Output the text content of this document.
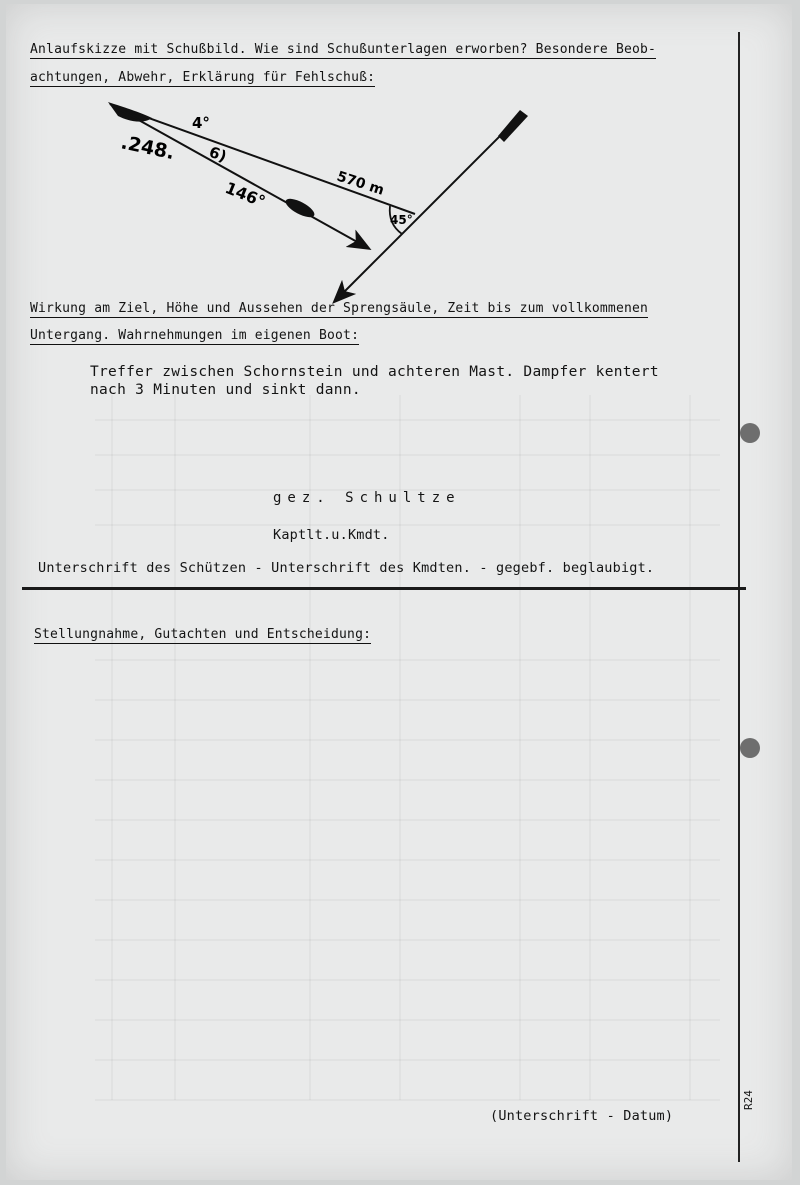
Anlaufskizze mit Schußbild. Wie sind Schußunterlagen erworben? Besondere Beob-
achtungen, Abwehr, Erklärung für Fehlschuß:
.248.
4°
6)
570 m
146°
45°
Wirkung am Ziel, Höhe und Aussehen der Sprengsäule, Zeit bis zum vollkommenen
Untergang. Wahrnehmungen im eigenen Boot:
Treffer zwischen Schornstein und achteren Mast. Dampfer kentert
nach 3 Minuten und sinkt dann.
gez. Schultze
Kaptlt.u.Kmdt.
Unterschrift des Schützen - Unterschrift des Kmdten. - gegebf. beglaubigt.
Stellungnahme, Gutachten und Entscheidung:
(Unterschrift - Datum)
R24
